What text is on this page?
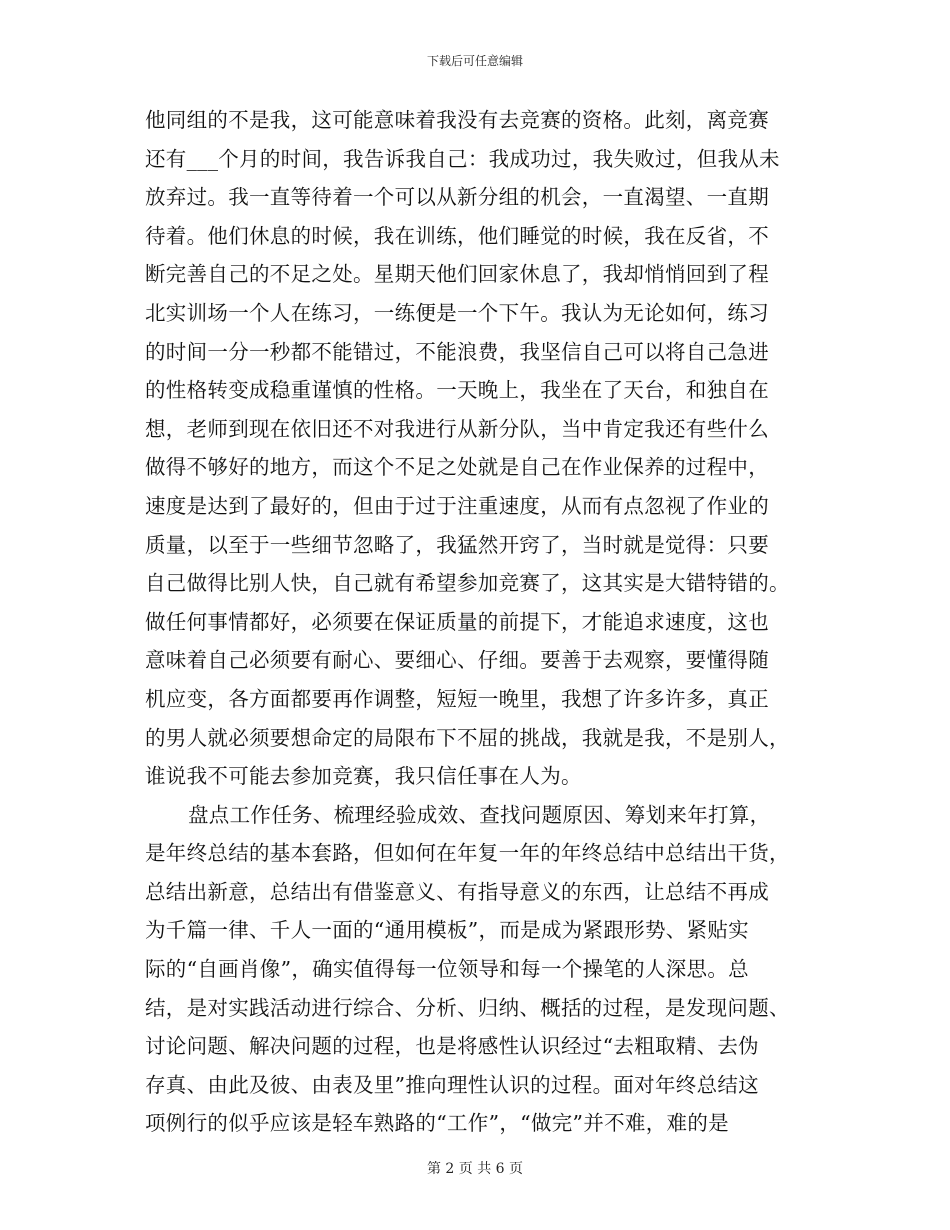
下载后可任意编辑
他同组的不是我，这可能意味着我没有去竞赛的资格。此刻，离竞赛
还有___个月的时间，我告诉我自己：我成功过，我失败过，但我从未
放弃过。我一直等待着一个可以从新分组的机会，一直渴望、一直期
待着。他们休息的时候，我在训练，他们睡觉的时候，我在反省，不
断完善自己的不足之处。星期天他们回家休息了，我却悄悄回到了程
北实训场一个人在练习，一练便是一个下午。我认为无论如何，练习
的时间一分一秒都不能错过，不能浪费，我坚信自己可以将自己急进
的性格转变成稳重谨慎的性格。一天晚上，我坐在了天台，和独自在
想，老师到现在依旧还不对我进行从新分队，当中肯定我还有些什么
做得不够好的地方，而这个不足之处就是自己在作业保养的过程中，
速度是达到了最好的，但由于过于注重速度，从而有点忽视了作业的
质量，以至于一些细节忽略了，我猛然开窍了，当时就是觉得：只要
自己做得比别人快，自己就有希望参加竞赛了，这其实是大错特错的。
做任何事情都好，必须要在保证质量的前提下，才能追求速度，这也
意味着自己必须要有耐心、要细心、仔细。要善于去观察，要懂得随
机应变，各方面都要再作调整，短短一晚里，我想了许多许多，真正
的男人就必须要想命定的局限布下不屈的挑战，我就是我，不是别人，
谁说我不可能去参加竞赛，我只信任事在人为。
盘点工作任务、梳理经验成效、查找问题原因、筹划来年打算，
是年终总结的基本套路，但如何在年复一年的年终总结中总结出干货，
总结出新意，总结出有借鉴意义、有指导意义的东西，让总结不再成
为千篇一律、千人一面的“通用模板”，而是成为紧跟形势、紧贴实
际的“自画肖像”，确实值得每一位领导和每一个操笔的人深思。总
结，是对实践活动进行综合、分析、归纳、概括的过程，是发现问题、
讨论问题、解决问题的过程，也是将感性认识经过“去粗取精、去伪
存真、由此及彼、由表及里”推向理性认识的过程。面对年终总结这
项例行的似乎应该是轻车熟路的“工作”，“做完”并不难，难的是
第 2 页 共 6 页
